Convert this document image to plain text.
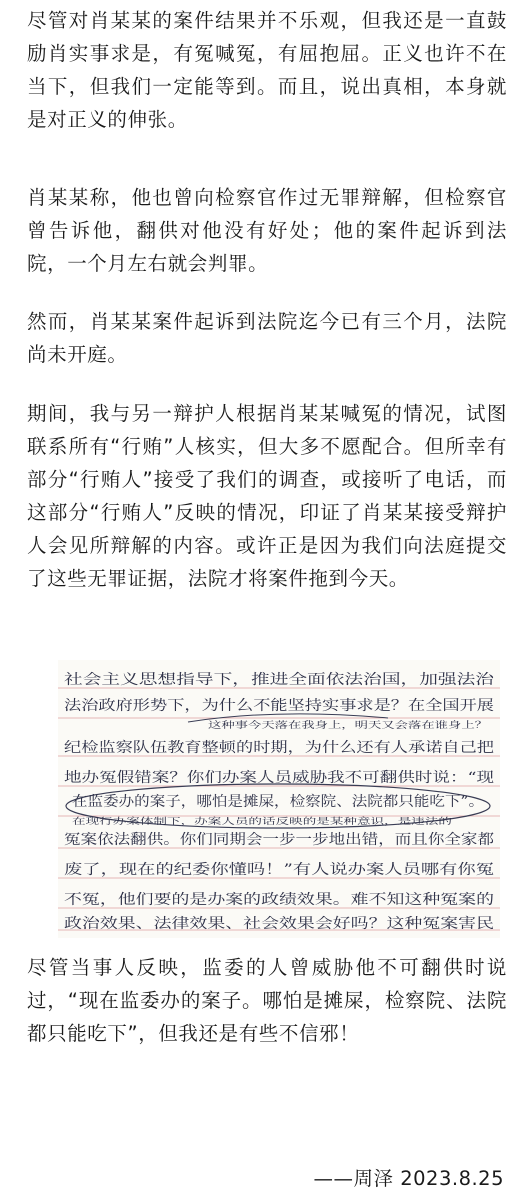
尽管对肖某某的案件结果并不乐观，但我还是一直鼓励肖实事求是，有冤喊冤，有屈抱屈。正义也许不在当下，但我们一定能等到。而且，说出真相，本身就是对正义的伸张。

肖某某称，他也曾向检察官作过无罪辩解，但检察官曾告诉他，翻供对他没有好处；他的案件起诉到法院，一个月左右就会判罪。

然而，肖某某案件起诉到法院迄今已有三个月，法院尚未开庭。

期间，我与另一辩护人根据肖某某喊冤的情况，试图联系所有“行贿”人核实，但大多不愿配合。但所幸有部分“行贿人”接受了我们的调查，或接听了电话，而这部分“行贿人”反映的情况，印证了肖某某接受辩护人会见所辩解的内容。或许正是因为我们向法庭提交了这些无罪证据，法院才将案件拖到今天。

社会主义思想指导下，推进全面依法治国，加强法治
法治政府形势下，为什么不能坚持实事求是？在全国开展
这种事今天落在我身上，明天又会落在谁身上？
纪检监察队伍教育整顿的时期，为什么还有人承诺自己把
地办冤假错案？你们办案人员威胁我不可翻供时说：“现
在监委办的案子，哪怕是摊屎，检察院、法院都只能吃下”。
在现行办案体制下，办案人员的话反映的是某种意识，是违法的
冤案依法翻供。你们同期会一步一步地出错，而且你全家都
废了，现在的纪委你懂吗！”有人说办案人员哪有你冤
不冤，他们要的是办案的政绩效果。难不知这种冤案的
政治效果、法律效果、社会效果会好吗？这种冤案害民

尽管当事人反映，监委的人曾威胁他不可翻供时说过，“现在监委办的案子。哪怕是摊屎，检察院、法院都只能吃下”，但我还是有些不信邪！

——周泽 2023.8.25
